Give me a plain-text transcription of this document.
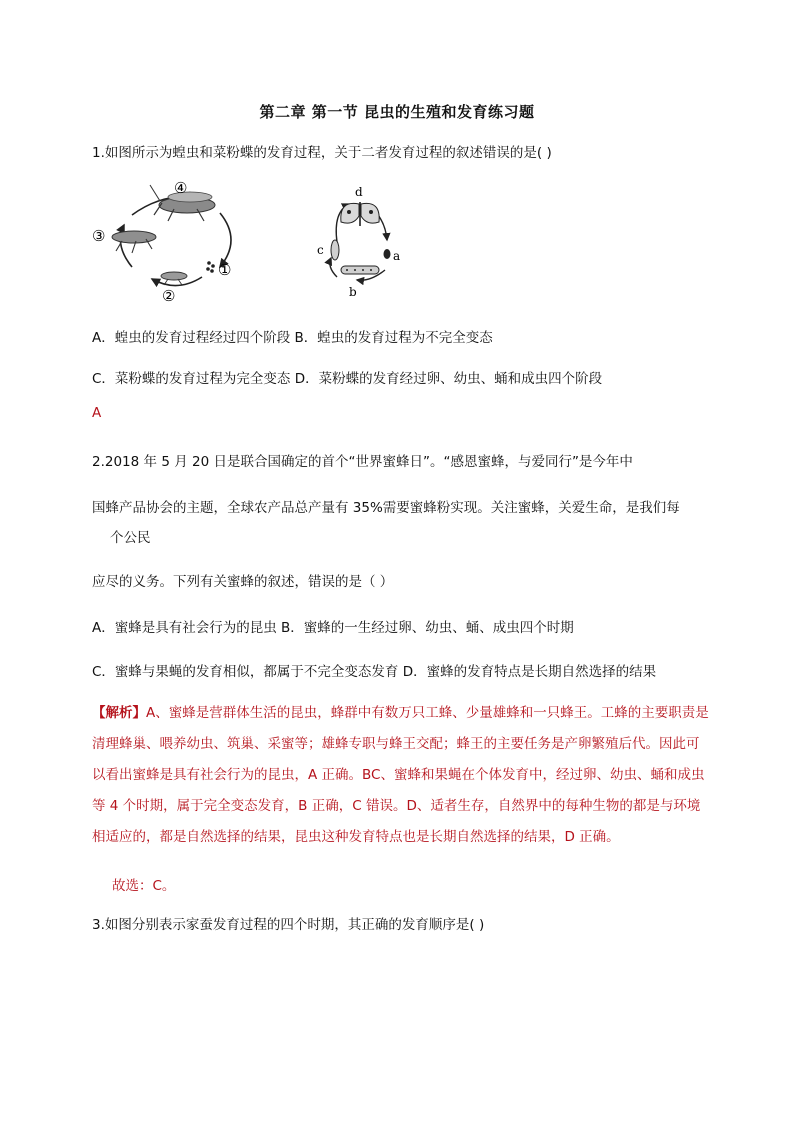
第二章 第一节 昆虫的生殖和发育练习题
1.如图所示为蝗虫和菜粉蝶的发育过程，关于二者发育过程的叙述错误的是( )
④
③
②
①
d
c
b
a
A．蝗虫的发育过程经过四个阶段 B．蝗虫的发育过程为不完全变态
C．菜粉蝶的发育过程为完全变态 D．菜粉蝶的发育经过卵、幼虫、蛹和成虫四个阶段
A
2.2018 年 5 月 20 日是联合国确定的首个“世界蜜蜂日”。“感恩蜜蜂，与爱同行”是今年中
国蜂产品协会的主题，全球农产品总产量有 35%需要蜜蜂粉实现。关注蜜蜂，关爱生命，是我们每
个公民
应尽的义务。下列有关蜜蜂的叙述，错误的是（ ）
A．蜜蜂是具有社会行为的昆虫 B．蜜蜂的一生经过卵、幼虫、蛹、成虫四个时期
C．蜜蜂与果蝇的发育相似，都属于不完全变态发育 D．蜜蜂的发育特点是长期自然选择的结果
【解析】A、蜜蜂是营群体生活的昆虫，蜂群中有数万只工蜂、少量雄蜂和一只蜂王。工蜂的主要职责是清理蜂巢、喂养幼虫、筑巢、采蜜等；雄蜂专职与蜂王交配；蜂王的主要任务是产卵繁殖后代。因此可以看出蜜蜂是具有社会行为的昆虫，A 正确。BC、蜜蜂和果蝇在个体发育中，经过卵、幼虫、蛹和成虫等 4 个时期，属于完全变态发育，B 正确，C 错误。D、适者生存，自然界中的每种生物的都是与环境相适应的，都是自然选择的结果，昆虫这种发育特点也是长期自然选择的结果，D 正确。
故选：C。
3.如图分别表示家蚕发育过程的四个时期，其正确的发育顺序是( )
